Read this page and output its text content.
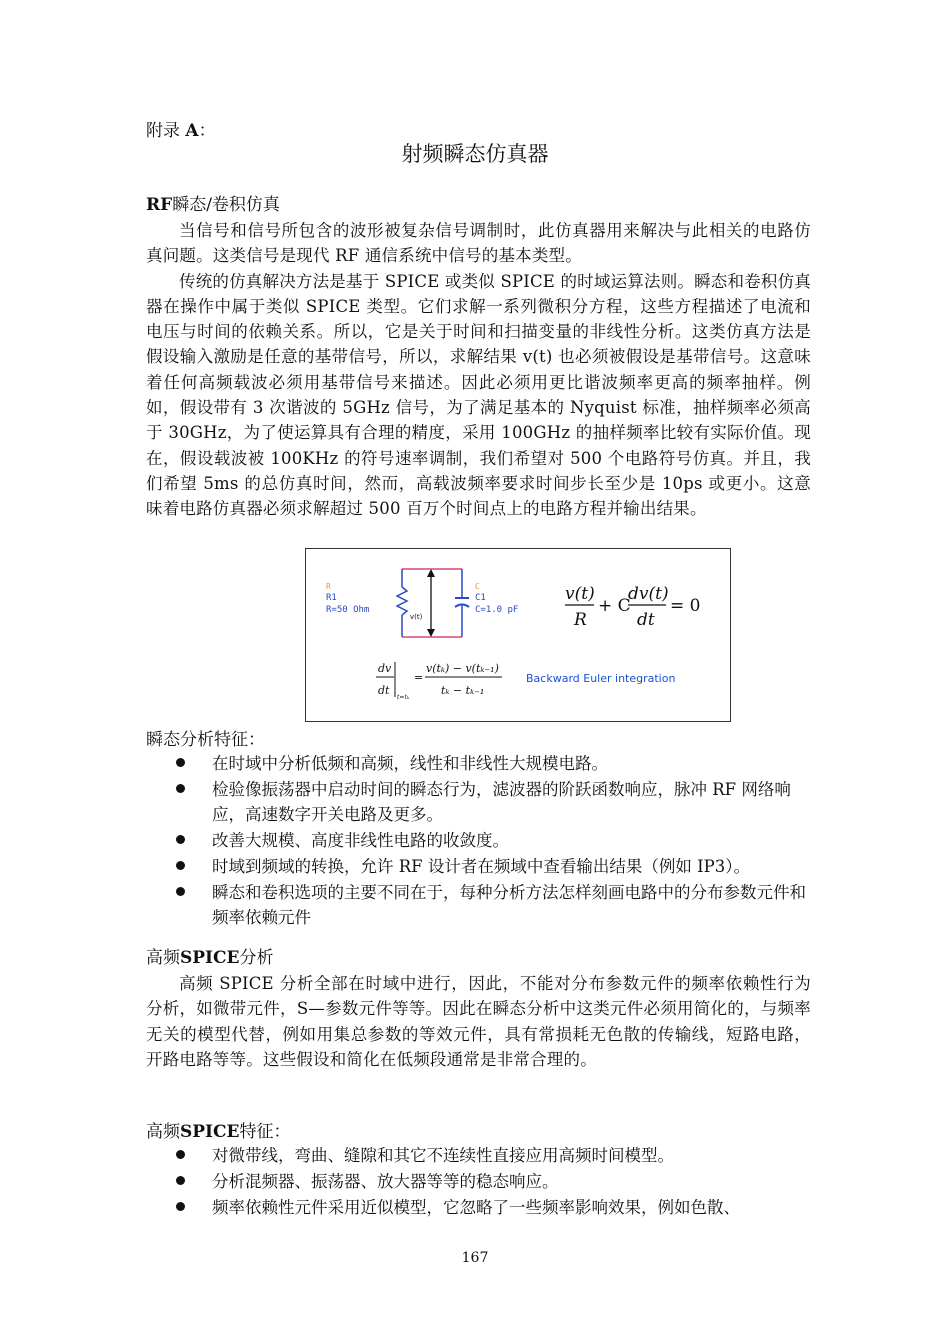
附录 A：
射频瞬态仿真器
RF瞬态/卷积仿真

当信号和信号所包含的波形被复杂信号调制时，此仿真器用来解决与此相关的电路仿真问题。这类信号是现代 RF 通信系统中信号的基本类型。

传统的仿真解决方法是基于 SPICE 或类似 SPICE 的时域运算法则。瞬态和卷积仿真器在操作中属于类似 SPICE 类型。它们求解一系列微积分方程，这些方程描述了电流和电压与时间的依赖关系。所以，它是关于时间和扫描变量的非线性分析。这类仿真方法是假设输入激励是任意的基带信号，所以，求解结果 v(t) 也必须被假设是基带信号。这意味着任何高频载波必须用基带信号来描述。因此必须用更比谐波频率更高的频率抽样。例如，假设带有 3 次谐波的 5GHz 信号，为了满足基本的 Nyquist 标准，抽样频率必须高于 30GHz，为了使运算具有合理的精度，采用 100GHz 的抽样频率比较有实际价值。现在，假设载波被 100KHz 的符号速率调制，我们希望对 500 个电路符号仿真。并且，我们希望 5ms 的总仿真时间，然而，高载波频率要求时间步长至少是 10ps 或更小。这意味着电路仿真器必须求解超过 500 百万个时间点上的电路方程并输出结果。

v(t)
R
R1
R=50 Ohm
C
C1
C=1.0 pF
v(t)
R
+ C
dv(t)
dt
= 0
dv
dt
t=tₖ
=
v(tₖ) − v(tₖ₋₁)
tₖ − tₖ₋₁
Backward Euler integration
瞬态分析特征：
在时域中分析低频和高频，线性和非线性大规模电路。
检验像振荡器中启动时间的瞬态行为，滤波器的阶跃函数响应，脉冲 RF 网络响应，高速数字开关电路及更多。
改善大规模、高度非线性电路的收敛度。
时域到频域的转换，允许 RF 设计者在频域中查看输出结果（例如 IP3）。
瞬态和卷积选项的主要不同在于，每种分析方法怎样刻画电路中的分布参数元件和频率依赖元件
高频SPICE分析

高频 SPICE 分析全部在时域中进行，因此，不能对分布参数元件的频率依赖性行为分析，如微带元件，S—参数元件等等。因此在瞬态分析中这类元件必须用简化的，与频率无关的模型代替，例如用集总参数的等效元件，具有常损耗无色散的传输线，短路电路，开路电路等等。这些假设和简化在低频段通常是非常合理的。

高频SPICE特征：
对微带线，弯曲、缝隙和其它不连续性直接应用高频时间模型。
分析混频器、振荡器、放大器等等的稳态响应。
频率依赖性元件采用近似模型，它忽略了一些频率影响效果，例如色散、
167
